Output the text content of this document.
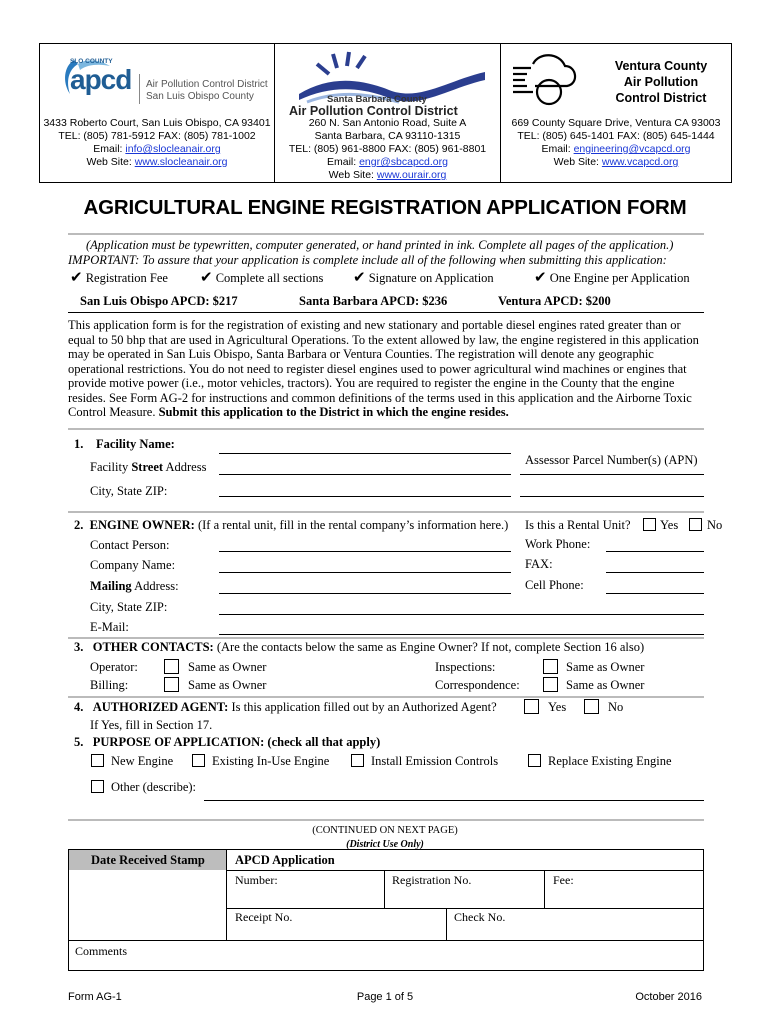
SLO COUNTY
apcd Air Pollution Control District
San Luis Obispo County
3433 Roberto Court, San Luis Obispo, CA 93401
TEL: (805) 781-5912 FAX: (805) 781-1002
Email: info@slocleanair.org
Web Site: www.slocleanair.org
Santa Barbara County
Air Pollution Control District
260 N. San Antonio Road, Suite A
Santa Barbara, CA 93110-1315
TEL: (805) 961-8800 FAX: (805) 961-8801
Email: engr@sbcapcd.org
Web Site: www.ourair.org
Ventura County
Air Pollution
Control District
669 County Square Drive, Ventura CA 93003
TEL: (805) 645-1401 FAX: (805) 645-1444
Email: engineering@vcapcd.org
Web Site: www.vcapcd.org
AGRICULTURAL ENGINE REGISTRATION APPLICATION FORM
(Application must be typewritten, computer generated, or hand printed in ink. Complete all pages of the application.)
IMPORTANT: To assure that your application is complete include all of the following when submitting this application:
✔ Registration Fee ✔ Complete all sections ✔ Signature on Application	✔ One Engine per Application
San Luis Obispo APCD: $217	Santa Barbara APCD: $236	Ventura APCD: $200
This application form is for the registration of existing and new stationary and portable diesel engines rated greater than or equal to 50 bhp that are used in Agricultural Operations. To the extent allowed by law, the engine registered in this application may be operated in San Luis Obispo, Santa Barbara or Ventura Counties. The registration will denote any geographic operational restrictions. You do not need to register diesel engines used to power agricultural wind machines or engines that provide motive power (i.e., motor vehicles, tractors). You are required to register the engine in the County that the engine resides. See Form AG-2 for instructions and common definitions of the terms used in this application and the Airborne Toxic Control Measure. Submit this application to the District in which the engine resides.
1. Facility Name:
Assessor Parcel Number(s) (APN)
Facility Street Address
City, State ZIP:
2. ENGINE OWNER: (If a rental unit, fill in the rental company’s information here.) Is this a Rental Unit? Yes No
Contact Person:	Work Phone:
Company Name:	FAX:
Mailing Address:	Cell Phone:
City, State ZIP:
E-Mail:
3. OTHER CONTACTS: (Are the contacts below the same as Engine Owner? If not, complete Section 16 also)
Operator:	Same as Owner	Inspections:	Same as Owner
Billing:	Same as Owner	Correspondence:	Same as Owner
4. AUTHORIZED AGENT: Is this application filled out by an Authorized Agent?	Yes	No
If Yes, fill in Section 17.
5. PURPOSE OF APPLICATION: (check all that apply)
New Engine	Existing In-Use Engine	Install Emission Controls	Replace Existing Engine
Other (describe):
(CONTINUED ON NEXT PAGE)
(District Use Only)
Date Received Stamp APCD Application
Number:	Registration No.	Fee:
Receipt No.	Check No.
Comments
Form AG-1	Page 1 of 5	October 2016
